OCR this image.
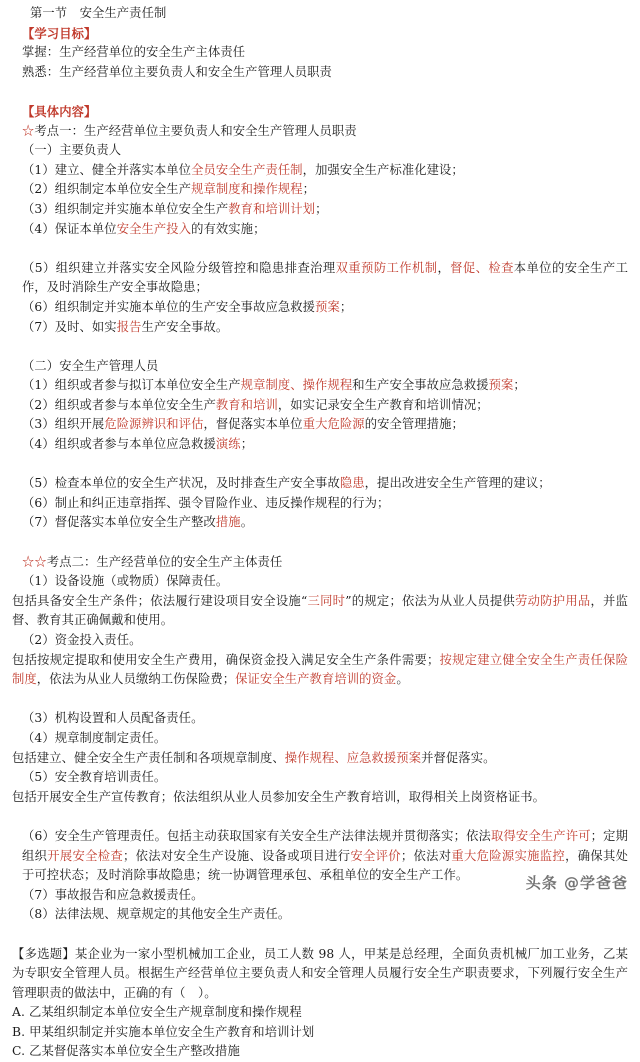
第一节　安全生产责任制
【学习目标】
掌握：生产经营单位的安全生产主体责任
熟悉：生产经营单位主要负责人和安全生产管理人员职责

【具体内容】
☆考点一：生产经营单位主要负责人和安全生产管理人员职责
（一）主要负责人
（1）建立、健全并落实本单位全员安全生产责任制，加强安全生产标准化建设；
（2）组织制定本单位安全生产规章制度和操作规程；
（3）组织制定并实施本单位安全生产教育和培训计划；
（4）保证本单位安全生产投入的有效实施；

（5）组织建立并落实安全风险分级管控和隐患排查治理双重预防工作机制，督促、检查本单位的安全生产工作，及时消除生产安全事故隐患；
（6）组织制定并实施本单位的生产安全事故应急救援预案；
（7）及时、如实报告生产安全事故。

（二）安全生产管理人员
（1）组织或者参与拟订本单位安全生产规章制度、操作规程和生产安全事故应急救援预案；
（2）组织或者参与本单位安全生产教育和培训，如实记录安全生产教育和培训情况；
（3）组织开展危险源辨识和评估，督促落实本单位重大危险源的安全管理措施；
（4）组织或者参与本单位应急救援演练；

（5）检查本单位的安全生产状况，及时排查生产安全事故隐患，提出改进安全生产管理的建议；
（6）制止和纠正违章指挥、强令冒险作业、违反操作规程的行为；
（7）督促落实本单位安全生产整改措施。

☆☆考点二：生产经营单位的安全生产主体责任
（1）设备设施（或物质）保障责任。
包括具备安全生产条件；依法履行建设项目安全设施“三同时”的规定；依法为从业人员提供劳动防护用品，并监督、教育其正确佩戴和使用。
（2）资金投入责任。
包括按规定提取和使用安全生产费用，确保资金投入满足安全生产条件需要；按规定建立健全安全生产责任保险制度，依法为从业人员缴纳工伤保险费；保证安全生产教育培训的资金。

（3）机构设置和人员配备责任。
（4）规章制度制定责任。
包括建立、健全安全生产责任制和各项规章制度、操作规程、应急救援预案并督促落实。
（5）安全教育培训责任。
包括开展安全生产宣传教育；依法组织从业人员参加安全生产教育培训，取得相关上岗资格证书。

（6）安全生产管理责任。包括主动获取国家有关安全生产法律法规并贯彻落实；依法取得安全生产许可；定期组织开展安全检查；依法对安全生产设施、设备或项目进行安全评价；依法对重大危险源实施监控，确保其处于可控状态；及时消除事故隐患；统一协调管理承包、承租单位的安全生产工作。
（7）事故报告和应急救援责任。
（8）法律法规、规章规定的其他安全生产责任。

【多选题】某企业为一家小型机械加工企业，员工人数 98 人，甲某是总经理，全面负责机械厂加工业务，乙某为专职安全管理人员。根据生产经营单位主要负责人和安全管理人员履行安全生产职责要求，下列履行安全生产管理职责的做法中，正确的有（　）。
A. 乙某组织制定本单位安全生产规章制度和操作规程
B. 甲某组织制定并实施本单位安全生产教育和培训计划
C. 乙某督促落实本单位安全生产整改措施
头条 @学爸爸
